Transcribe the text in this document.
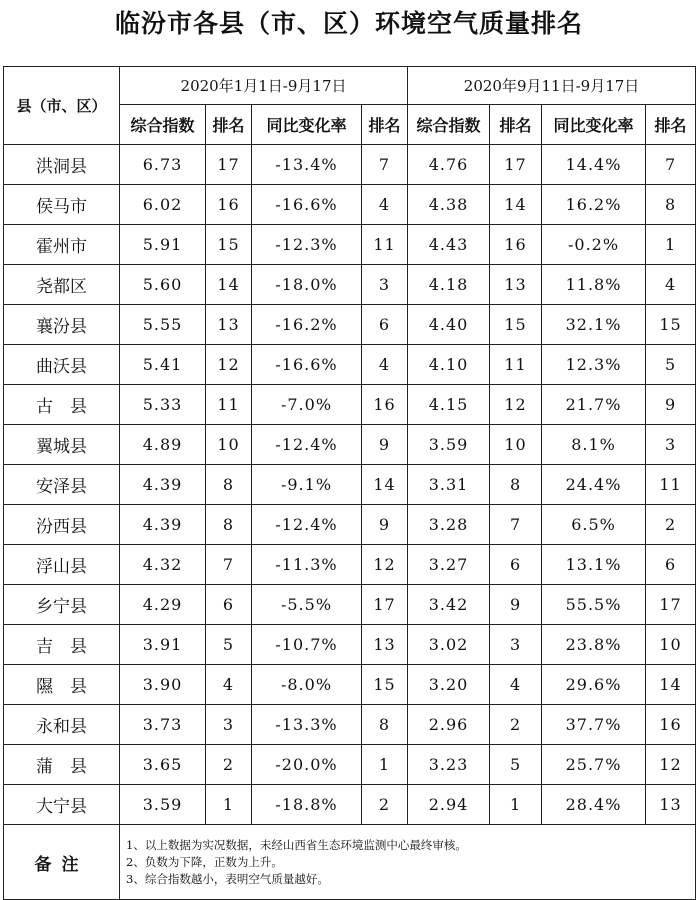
临汾市各县（市、区）环境空气质量排名
县（市、区）	2020年1月1日-9月17日				2020年9月11日-9月17日			
	综合指数	排名	同比变化率	排名	综合指数	排名	同比变化率	排名
洪洞县	6.73	17	-13.4%	7	4.76	17	14.4%	7
侯马市	6.02	16	-16.6%	4	4.38	14	16.2%	8
霍州市	5.91	15	-12.3%	11	4.43	16	-0.2%	1
尧都区	5.60	14	-18.0%	3	4.18	13	11.8%	4
襄汾县	5.55	13	-16.2%	6	4.40	15	32.1%	15
曲沃县	5.41	12	-16.6%	4	4.10	11	12.3%	5
古　县	5.33	11	-7.0%	16	4.15	12	21.7%	9
翼城县	4.89	10	-12.4%	9	3.59	10	8.1%	3
安泽县	4.39	8	-9.1%	14	3.31	8	24.4%	11
汾西县	4.39	8	-12.4%	9	3.28	7	6.5%	2
浮山县	4.32	7	-11.3%	12	3.27	6	13.1%	6
乡宁县	4.29	6	-5.5%	17	3.42	9	55.5%	17
吉　县	3.91	5	-10.7%	13	3.02	3	23.8%	10
隰　县	3.90	4	-8.0%	15	3.20	4	29.6%	14
永和县	3.73	3	-13.3%	8	2.96	2	37.7%	16
蒲　县	3.65	2	-20.0%	1	3.23	5	25.7%	12
大宁县	3.59	1	-18.8%	2	2.94	1	28.4%	13
备注	1、以上数据为实况数据，未经山西省生态环境监测中心最终审核。
2、负数为下降，正数为上升。
3、综合指数越小，表明空气质量越好。							
